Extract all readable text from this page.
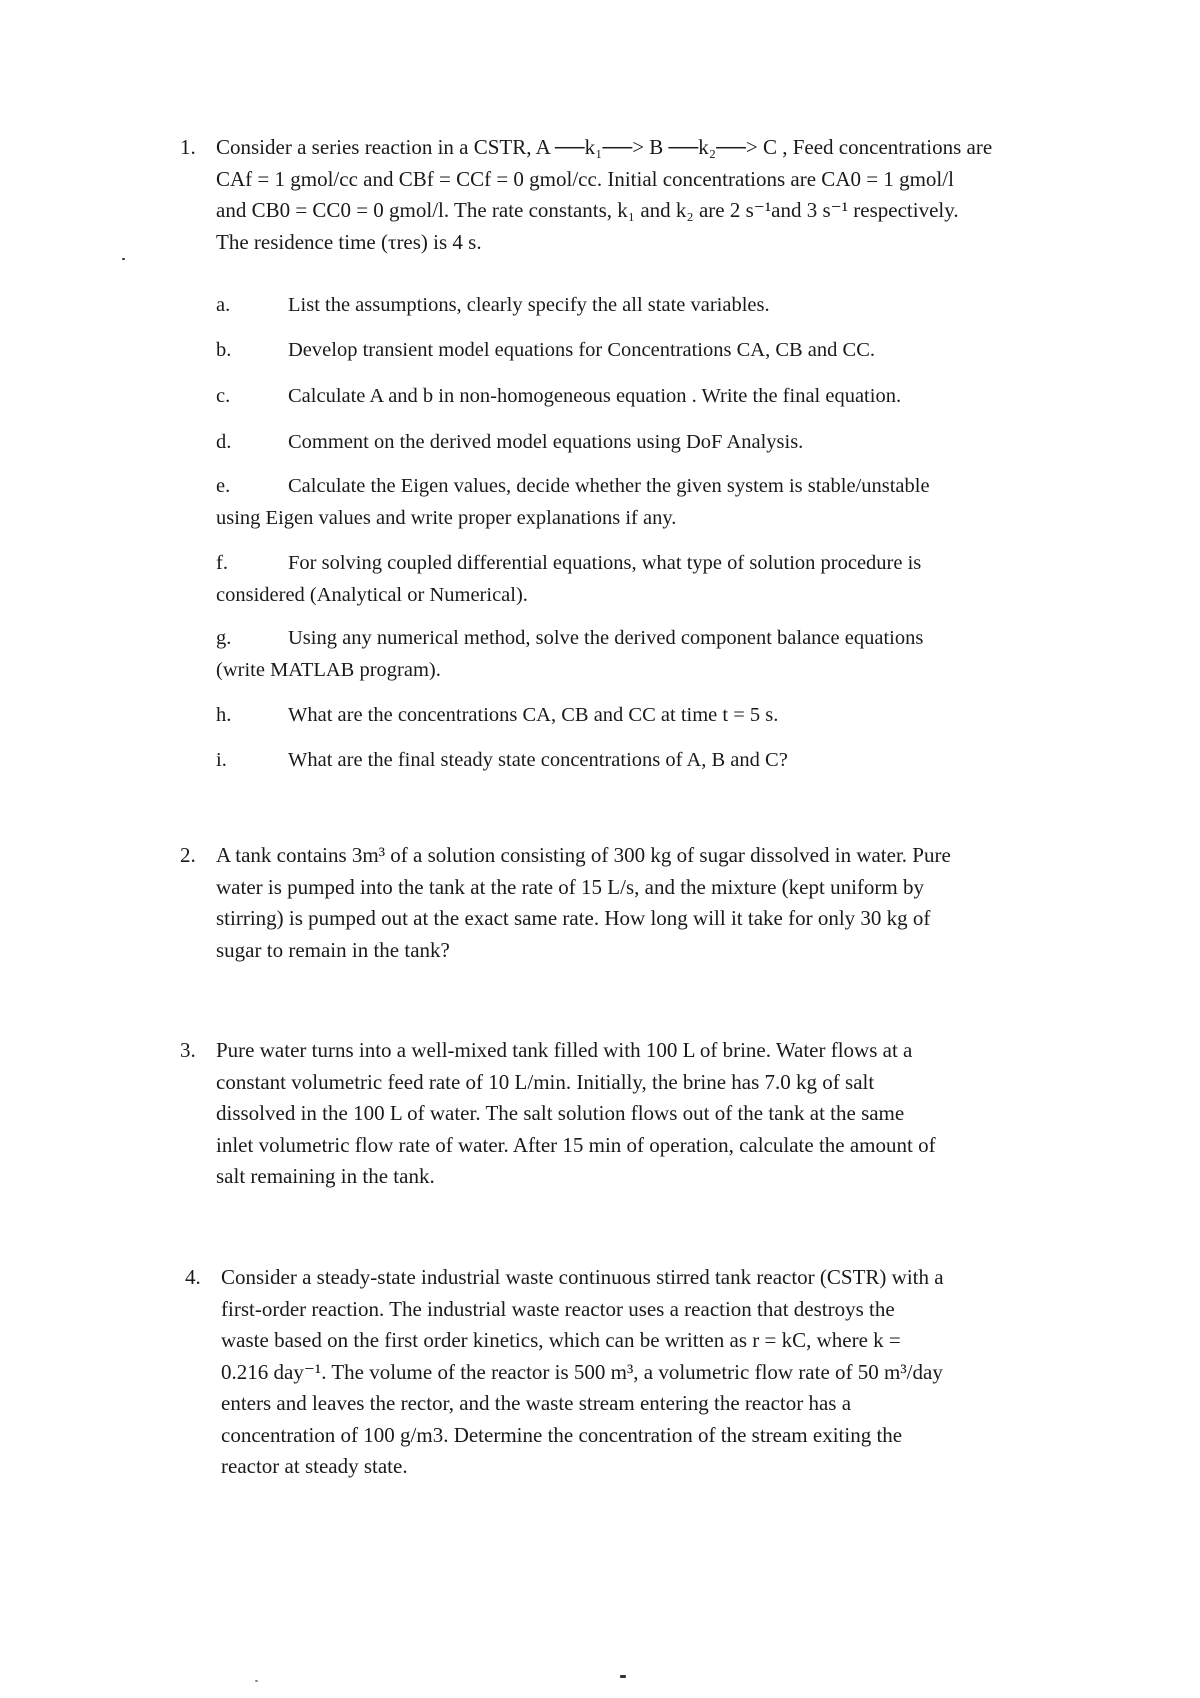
1. Consider a series reaction in a CSTR, A ──k₁──> B ──k₂──> C , Feed concentrations are
CAf = 1 gmol/cc and CBf = CCf = 0 gmol/cc. Initial concentrations are CA0 = 1 gmol/l
and CB0 = CC0 = 0 gmol/l. The rate constants, k₁ and k₂ are 2 s⁻¹and 3 s⁻¹ respectively.
The residence time (τres) is 4 s.
a.	List the assumptions, clearly specify the all state variables.
b.	Develop transient model equations for Concentrations CA, CB and CC.
c.	Calculate A and b in non-homogeneous equation . Write the final equation.
d.	Comment on the derived model equations using DoF Analysis.
e.	Calculate the Eigen values, decide whether the given system is stable/unstable
using Eigen values and write proper explanations if any.
f.	For solving coupled differential equations, what type of solution procedure is
considered (Analytical or Numerical).
g.	Using any numerical method, solve the derived component balance equations
(write MATLAB program).
h.	What are the concentrations CA, CB and CC at time t = 5 s.
i.	What are the final steady state concentrations of A, B and C?
2. A tank contains 3m³ of a solution consisting of 300 kg of sugar dissolved in water. Pure
water is pumped into the tank at the rate of 15 L/s, and the mixture (kept uniform by
stirring) is pumped out at the exact same rate. How long will it take for only 30 kg of
sugar to remain in the tank?
3. Pure water turns into a well-mixed tank filled with 100 L of brine. Water flows at a
constant volumetric feed rate of 10 L/min. Initially, the brine has 7.0 kg of salt
dissolved in the 100 L of water. The salt solution flows out of the tank at the same
inlet volumetric flow rate of water. After 15 min of operation, calculate the amount of
salt remaining in the tank.
4. Consider a steady-state industrial waste continuous stirred tank reactor (CSTR) with a
first-order reaction. The industrial waste reactor uses a reaction that destroys the
waste based on the first order kinetics, which can be written as r = kC, where k =
0.216 day⁻¹. The volume of the reactor is 500 m³, a volumetric flow rate of 50 m³/day
enters and leaves the rector, and the waste stream entering the reactor has a
concentration of 100 g/m3. Determine the concentration of the stream exiting the
reactor at steady state.
